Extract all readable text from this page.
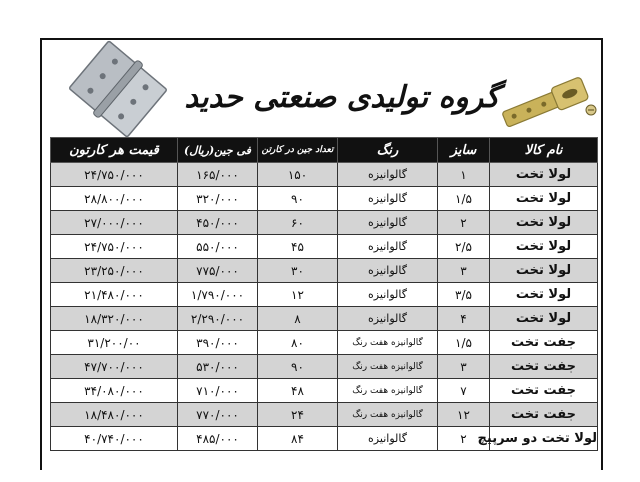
گروه تولیدی صنعتی حدید
نام کالا	سایز	رنگ	تعداد جین در کارتن	فی جین(ریال)	قیمت هر کارتون
لولا تخت	۱	گالوانیزه	۱۵۰	۱۶۵/۰۰۰	۲۴/۷۵۰/۰۰۰
لولا تخت	۱/۵	گالوانیزه	۹۰	۳۲۰/۰۰۰	۲۸/۸۰۰/۰۰۰
لولا تخت	۲	گالوانیزه	۶۰	۴۵۰/۰۰۰	۲۷/۰۰۰/۰۰۰
لولا تخت	۲/۵	گالوانیزه	۴۵	۵۵۰/۰۰۰	۲۴/۷۵۰/۰۰۰
لولا تخت	۳	گالوانیزه	۳۰	۷۷۵/۰۰۰	۲۳/۲۵۰/۰۰۰
لولا تخت	۳/۵	گالوانیزه	۱۲	۱/۷۹۰/۰۰۰	۲۱/۴۸۰/۰۰۰
لولا تخت	۴	گالوانیزه	۸	۲/۲۹۰/۰۰۰	۱۸/۳۲۰/۰۰۰
جفت تخت	۱/۵	گالوانیزه هفت رنگ	۸۰	۳۹۰/۰۰۰	۳۱/۲۰۰/۰۰
جفت تخت	۳	گالوانیزه هفت رنگ	۹۰	۵۳۰/۰۰۰	۴۷/۷۰۰/۰۰۰
جفت تخت	۷	گالوانیزه هفت رنگ	۴۸	۷۱۰/۰۰۰	۳۴/۰۸۰/۰۰۰
جفت تخت	۱۲	گالوانیزه هفت رنگ	۲۴	۷۷۰/۰۰۰	۱۸/۴۸۰/۰۰۰
لولا تخت دو سرپیچ	۲	گالوانیزه	۸۴	۴۸۵/۰۰۰	۴۰/۷۴۰/۰۰۰
